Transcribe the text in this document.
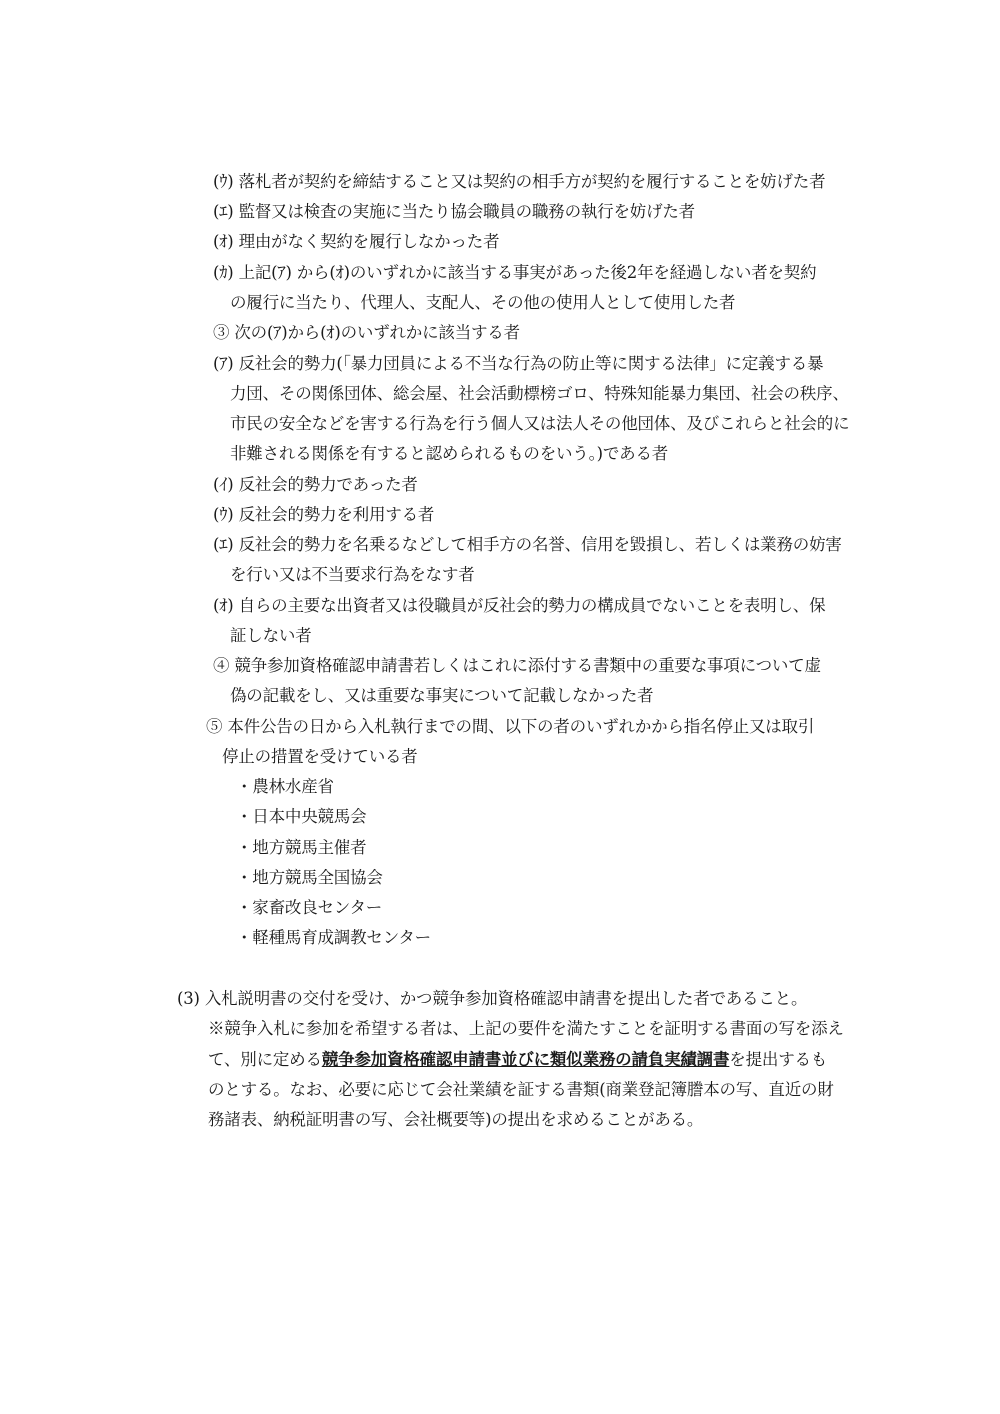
(ｳ) 落札者が契約を締結すること又は契約の相手方が契約を履行することを妨げた者
(ｴ) 監督又は検査の実施に当たり協会職員の職務の執行を妨げた者
(ｵ) 理由がなく契約を履行しなかった者
(ｶ) 上記(ｱ) から(ｵ)のいずれかに該当する事実があった後2年を経過しない者を契約
の履行に当たり、代理人、支配人、その他の使用人として使用した者
③ 次の(ｱ)から(ｵ)のいずれかに該当する者
(ｱ) 反社会的勢力(「暴力団員による不当な行為の防止等に関する法律」に定義する暴
力団、その関係団体、総会屋、社会活動標榜ゴロ、特殊知能暴力集団、社会の秩序、
市民の安全などを害する行為を行う個人又は法人その他団体、及びこれらと社会的に
非難される関係を有すると認められるものをいう。)である者
(ｲ) 反社会的勢力であった者
(ｳ) 反社会的勢力を利用する者
(ｴ) 反社会的勢力を名乗るなどして相手方の名誉、信用を毀損し、若しくは業務の妨害
を行い又は不当要求行為をなす者
(ｵ) 自らの主要な出資者又は役職員が反社会的勢力の構成員でないことを表明し、保
証しない者
④ 競争参加資格確認申請書若しくはこれに添付する書類中の重要な事項について虚
偽の記載をし、又は重要な事実について記載しなかった者
⑤ 本件公告の日から入札執行までの間、以下の者のいずれかから指名停止又は取引
停止の措置を受けている者
・農林水産省
・日本中央競馬会
・地方競馬主催者
・地方競馬全国協会
・家畜改良センター
・軽種馬育成調教センター
(3) 入札説明書の交付を受け、かつ競争参加資格確認申請書を提出した者であること。
※競争入札に参加を希望する者は、上記の要件を満たすことを証明する書面の写を添え
て、別に定める競争参加資格確認申請書並びに類似業務の請負実績調書を提出するも
のとする。なお、必要に応じて会社業績を証する書類(商業登記簿謄本の写、直近の財
務諸表、納税証明書の写、会社概要等)の提出を求めることがある。
